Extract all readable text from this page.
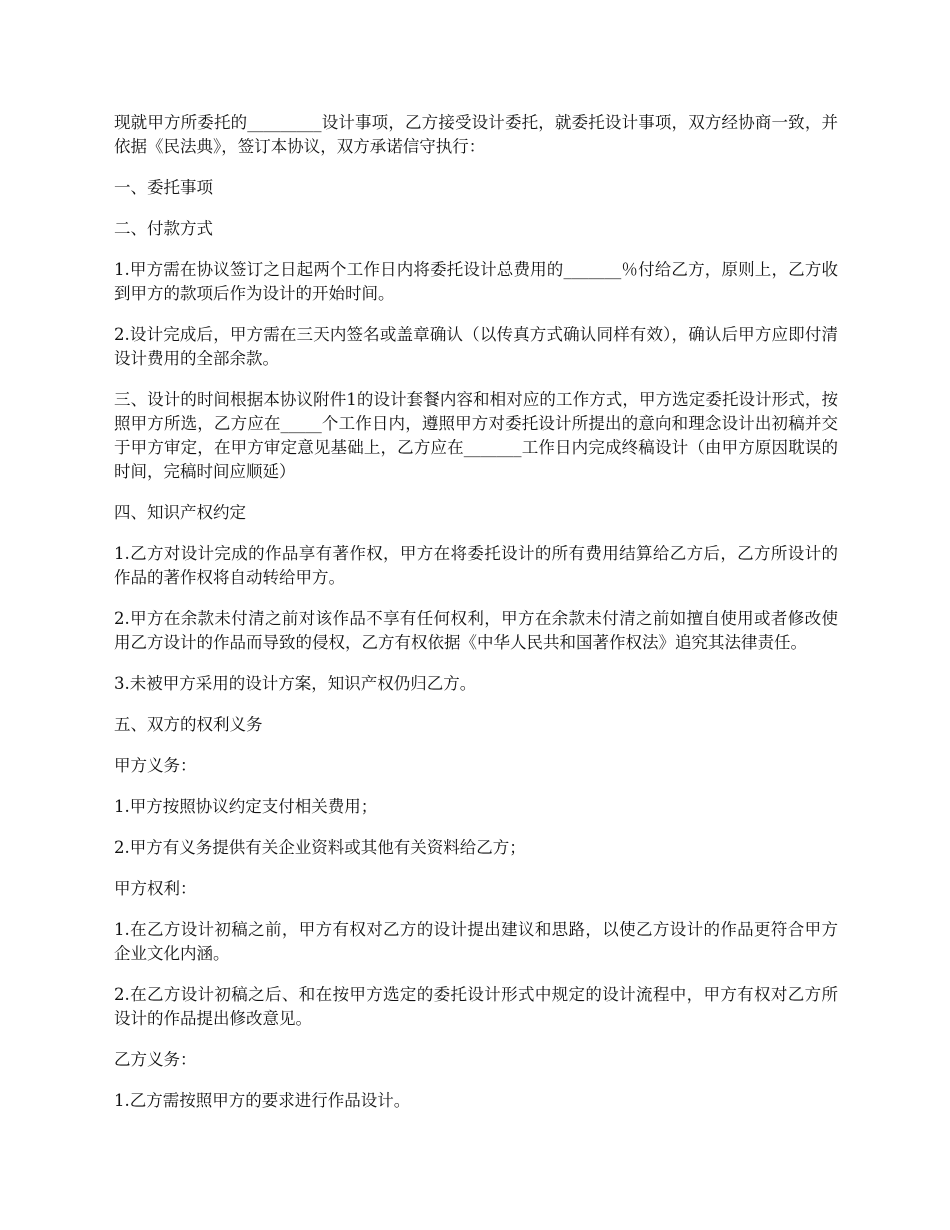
现就甲方所委托的_________设计事项，乙方接受设计委托，就委托设计事项，双方经协商一致，并依据《民法典》，签订本协议，双方承诺信守执行：

一、委托事项

二、付款方式

1.甲方需在协议签订之日起两个工作日内将委托设计总费用的_______％付给乙方，原则上，乙方收到甲方的款项后作为设计的开始时间。

2.设计完成后，甲方需在三天内签名或盖章确认（以传真方式确认同样有效），确认后甲方应即付清设计费用的全部余款。

三、设计的时间根据本协议附件1的设计套餐内容和相对应的工作方式，甲方选定委托设计形式，按照甲方所选，乙方应在_____个工作日内，遵照甲方对委托设计所提出的意向和理念设计出初稿并交于甲方审定，在甲方审定意见基础上，乙方应在_______工作日内完成终稿设计（由甲方原因耽误的时间，完稿时间应顺延）

四、知识产权约定

1.乙方对设计完成的作品享有著作权，甲方在将委托设计的所有费用结算给乙方后，乙方所设计的作品的著作权将自动转给甲方。

2.甲方在余款未付清之前对该作品不享有任何权利，甲方在余款未付清之前如擅自使用或者修改使用乙方设计的作品而导致的侵权，乙方有权依据《中华人民共和国著作权法》追究其法律责任。

3.未被甲方采用的设计方案，知识产权仍归乙方。

五、双方的权利义务

甲方义务：

1.甲方按照协议约定支付相关费用；

2.甲方有义务提供有关企业资料或其他有关资料给乙方；

甲方权利：

1.在乙方设计初稿之前，甲方有权对乙方的设计提出建议和思路，以使乙方设计的作品更符合甲方企业文化内涵。

2.在乙方设计初稿之后、和在按甲方选定的委托设计形式中规定的设计流程中，甲方有权对乙方所设计的作品提出修改意见。

乙方义务：

1.乙方需按照甲方的要求进行作品设计。
